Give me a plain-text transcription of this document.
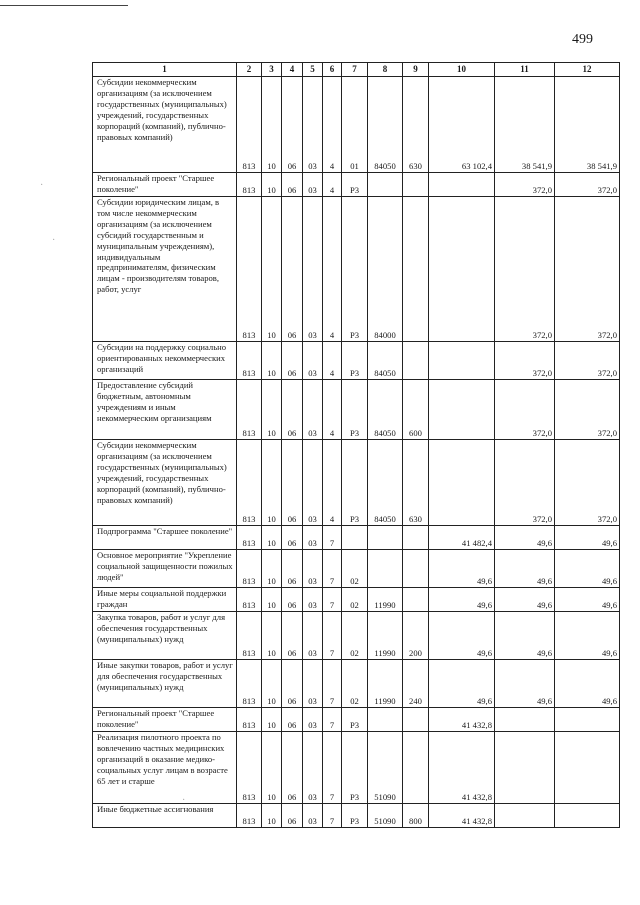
499
1	2	3	4	5	6	7	8	9	10	11	12
Субсидии некоммерческим организациям (за исключением государственных (муниципальных) учреждений, государственных корпораций (компаний), публично-правовых компаний)	813	10	06	03	4	01	84050	630	63 102,4	38 541,9	38 541,9
Региональный проект "Старшее поколение"	813	10	06	03	4	P3				372,0	372,0
Субсидии юридическим лицам, в том числе некоммерческим организациям (за исключением субсидий государственным и муниципальным учреждениям), индивидуальным предпринимателям, физическим лицам - производителям товаров, работ, услуг	813	10	06	03	4	P3	84000			372,0	372,0
Субсидии на поддержку социально ориентированных некоммерческих организаций	813	10	06	03	4	P3	84050			372,0	372,0
Предоставление субсидий бюджетным, автономным учреждениям и иным некоммерческим организациям	813	10	06	03	4	P3	84050	600		372,0	372,0
Субсидии некоммерческим организациям (за исключением государственных (муниципальных) учреждений, государственных корпораций (компаний), публично-правовых компаний)	813	10	06	03	4	P3	84050	630		372,0	372,0
Подпрограмма "Старшее поколение"	813	10	06	03	7				41 482,4	49,6	49,6
Основное мероприятие "Укрепление социальной защищенности пожилых людей"	813	10	06	03	7	02			49,6	49,6	49,6
Иные меры социальной поддержки граждан	813	10	06	03	7	02	11990		49,6	49,6	49,6
Закупка товаров, работ и услуг для обеспечения государственных (муниципальных) нужд	813	10	06	03	7	02	11990	200	49,6	49,6	49,6
Иные закупки товаров, работ и услуг для обеспечения государственных (муниципальных) нужд	813	10	06	03	7	02	11990	240	49,6	49,6	49,6
Региональный проект "Старшее поколение"	813	10	06	03	7	P3			41 432,8		
Реализация пилотного проекта по вовлечению частных медицинских организаций в оказание медико-социальных услуг лицам в возрасте 65 лет и старше	813	10	06	03	7	P3	51090		41 432,8		
Иные бюджетные ассигнования	813	10	06	03	7	P3	51090	800	41 432,8		
·
·
·
